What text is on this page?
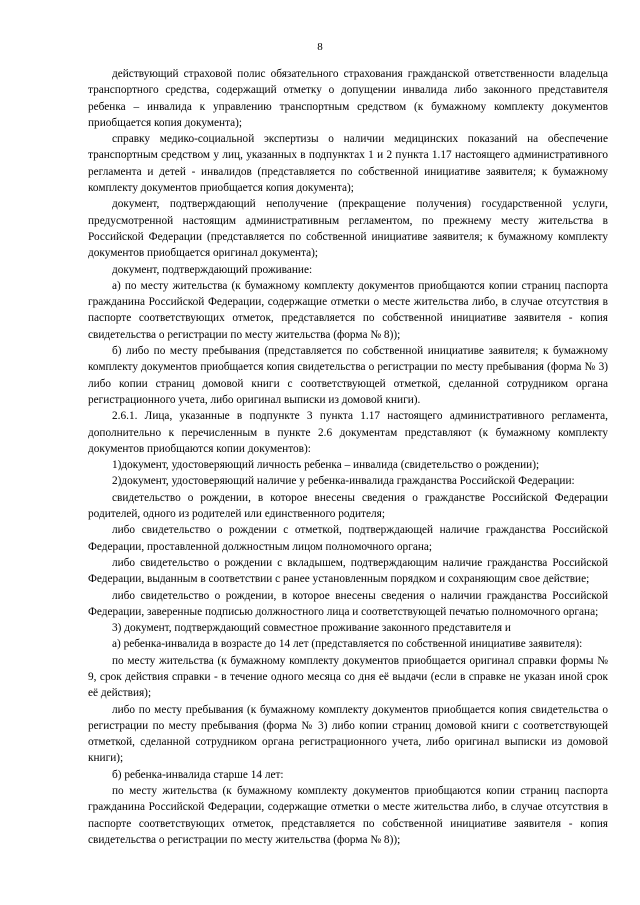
8

действующий страховой полис обязательного страхования гражданской ответственности владельца транспортного средства, содержащий отметку о допущении инвалида либо законного представителя ребенка – инвалида к управлению транспортным средством (к бумажному комплекту документов приобщается копия документа);

справку медико-социальной экспертизы о наличии медицинских показаний на обеспечение транспортным средством у лиц, указанных в подпунктах 1 и 2 пункта 1.17 настоящего административного регламента и детей - инвалидов (представляется по собственной инициативе заявителя; к бумажному комплекту документов приобщается копия документа);

документ, подтверждающий неполучение (прекращение получения) государственной услуги, предусмотренной настоящим административным регламентом, по прежнему месту жительства в Российской Федерации (представляется по собственной инициативе заявителя; к бумажному комплекту документов приобщается оригинал документа);

документ, подтверждающий проживание:

а) по месту жительства (к бумажному комплекту документов приобщаются копии страниц паспорта гражданина Российской Федерации, содержащие отметки о месте жительства либо, в случае отсутствия в паспорте соответствующих отметок, представляется по собственной инициативе заявителя - копия свидетельства о регистрации по месту жительства (форма № 8));

б) либо по месту пребывания (представляется по собственной инициативе заявителя; к бумажному комплекту документов приобщается копия свидетельства о регистрации по месту пребывания (форма № 3) либо копии страниц домовой книги с соответствующей отметкой, сделанной сотрудником органа регистрационного учета, либо оригинал выписки из домовой книги).

2.6.1. Лица, указанные в подпункте 3 пункта 1.17 настоящего административного регламента, дополнительно к перечисленным в пункте 2.6 документам представляют (к бумажному комплекту документов приобщаются копии документов):

1)документ, удостоверяющий личность ребенка – инвалида (свидетельство о рождении);

2)документ, удостоверяющий наличие у ребенка-инвалида гражданства Российской Федерации:

свидетельство о рождении, в которое внесены сведения о гражданстве Российской Федерации родителей, одного из родителей или единственного родителя;

либо свидетельство о рождении с отметкой, подтверждающей наличие гражданства Российской Федерации, проставленной должностным лицом полномочного органа;

либо свидетельство о рождении с вкладышем, подтверждающим наличие гражданства Российской Федерации, выданным в соответствии с ранее установленным порядком и сохраняющим свое действие;

либо свидетельство о рождении, в которое внесены сведения о наличии гражданства Российской Федерации, заверенные подписью должностного лица и соответствующей печатью полномочного органа;

3) документ, подтверждающий совместное проживание законного представителя и

а) ребенка-инвалида в возрасте до 14 лет (представляется по собственной инициативе заявителя):

по месту жительства (к бумажному комплекту документов приобщается оригинал справки формы № 9, срок действия справки - в течение одного месяца со дня её выдачи (если в справке не указан иной срок её действия);

либо по месту пребывания (к бумажному комплекту документов приобщается копия свидетельства о регистрации по месту пребывания (форма № 3) либо копии страниц домовой книги с соответствующей отметкой, сделанной сотрудником органа регистрационного учета, либо оригинал выписки из домовой книги);

б) ребенка-инвалида старше 14 лет:

по месту жительства (к бумажному комплекту документов приобщаются копии страниц паспорта гражданина Российской Федерации, содержащие отметки о месте жительства либо, в случае отсутствия в паспорте соответствующих отметок, представляется по собственной инициативе заявителя - копия свидетельства о регистрации по месту жительства (форма № 8));
